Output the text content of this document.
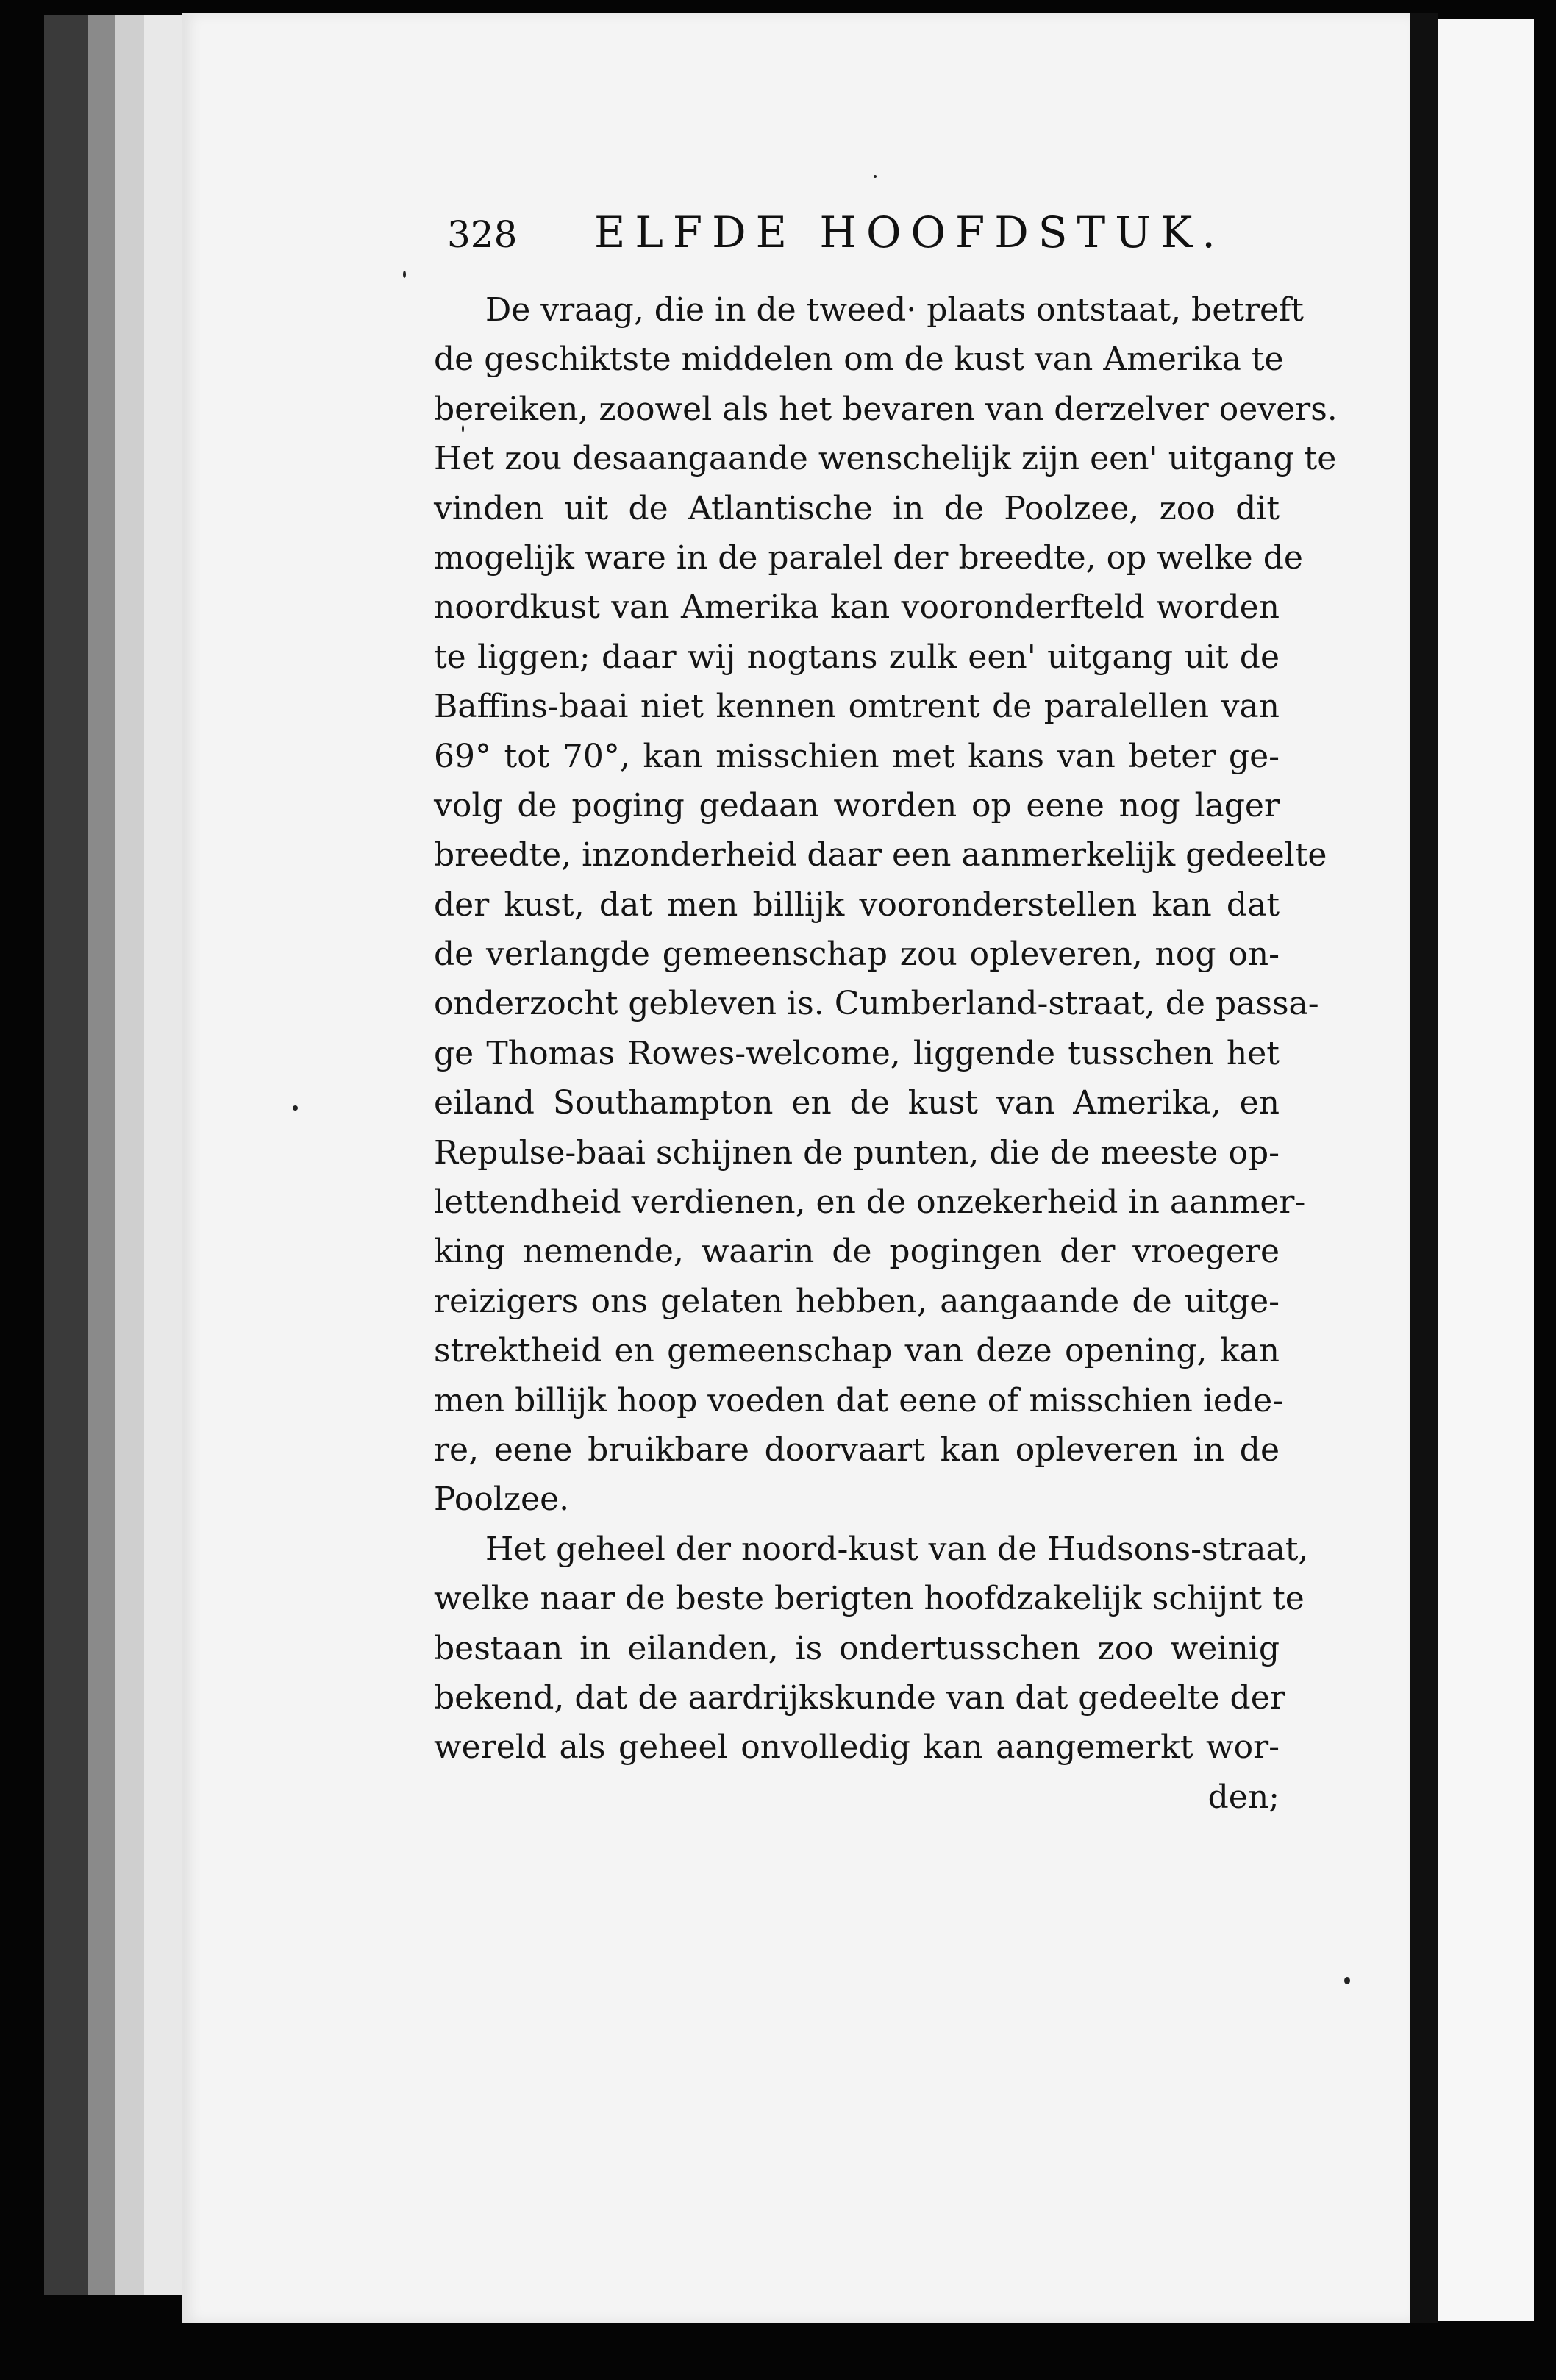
328 ELFDE HOOFDSTUK.
De vraag, die in de tweed· plaats ontstaat, betreft
de geschiktste middelen om de kust van Amerika te
bereiken, zoowel als het bevaren van derzelver oevers.
Het zou desaangaande wenschelijk zijn een' uitgang te
vinden uit de Atlantische in de Poolzee, zoo dit
mogelijk ware in de paralel der breedte, op welke de
noordkust van Amerika kan vooronderfteld worden
te liggen; daar wij nogtans zulk een' uitgang uit de
Baffins-baai niet kennen omtrent de paralellen van
69° tot 70°, kan misschien met kans van beter ge-
volg de poging gedaan worden op eene nog lager
breedte, inzonderheid daar een aanmerkelijk gedeelte
der kust, dat men billijk vooronderstellen kan dat
de verlangde gemeenschap zou opleveren, nog on-
onderzocht gebleven is. Cumberland-straat, de passa-
ge Thomas Rowes-welcome, liggende tusschen het
eiland Southampton en de kust van Amerika, en
Repulse-baai schijnen de punten, die de meeste op-
lettendheid verdienen, en de onzekerheid in aanmer-
king nemende, waarin de pogingen der vroegere
reizigers ons gelaten hebben, aangaande de uitge-
strektheid en gemeenschap van deze opening, kan
men billijk hoop voeden dat eene of misschien iede-
re, eene bruikbare doorvaart kan opleveren in de
Poolzee.
Het geheel der noord-kust van de Hudsons-straat,
welke naar de beste berigten hoofdzakelijk schijnt te
bestaan in eilanden, is ondertusschen zoo weinig
bekend, dat de aardrijkskunde van dat gedeelte der
wereld als geheel onvolledig kan aangemerkt wor-
den;
